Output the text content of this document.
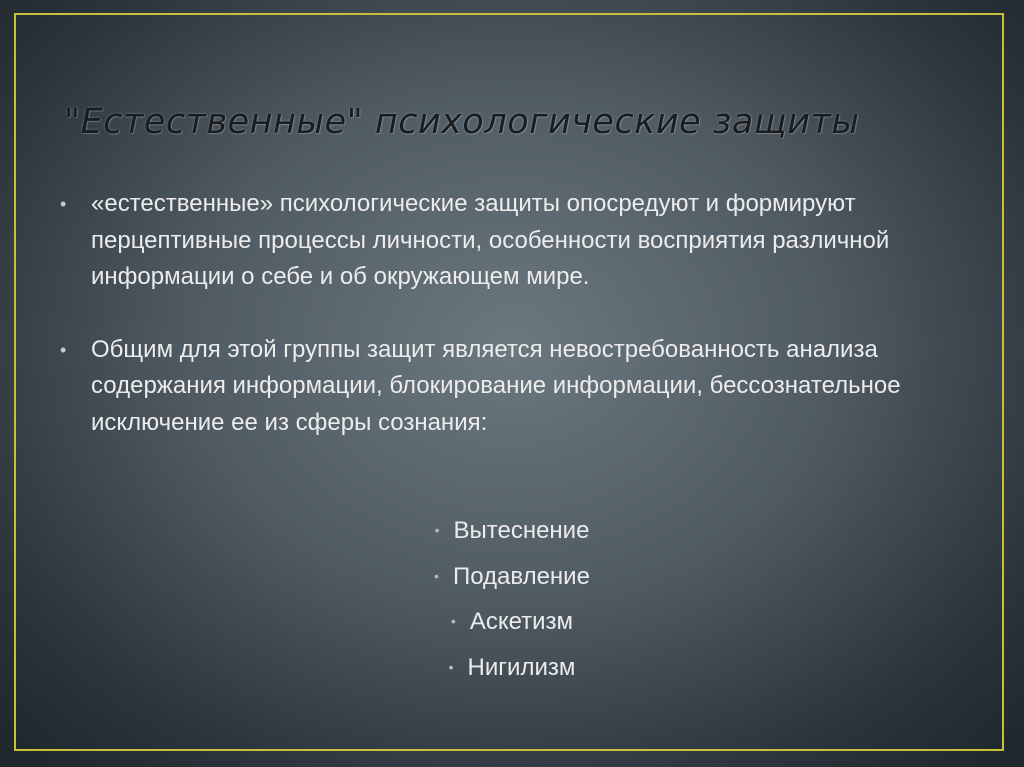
"Естественные" психологические защиты
• «естественные» психологические защиты опосредуют и формируют перцептивные процессы личности, особенности восприятия различной информации о себе и об окружающем мире.
• Общим для этой группы защит является невостребованность анализа содержания информации, блокирование информации, бессознательное исключение ее из сферы сознания:
• Вытеснение
• Подавление
• Аскетизм
• Нигилизм
